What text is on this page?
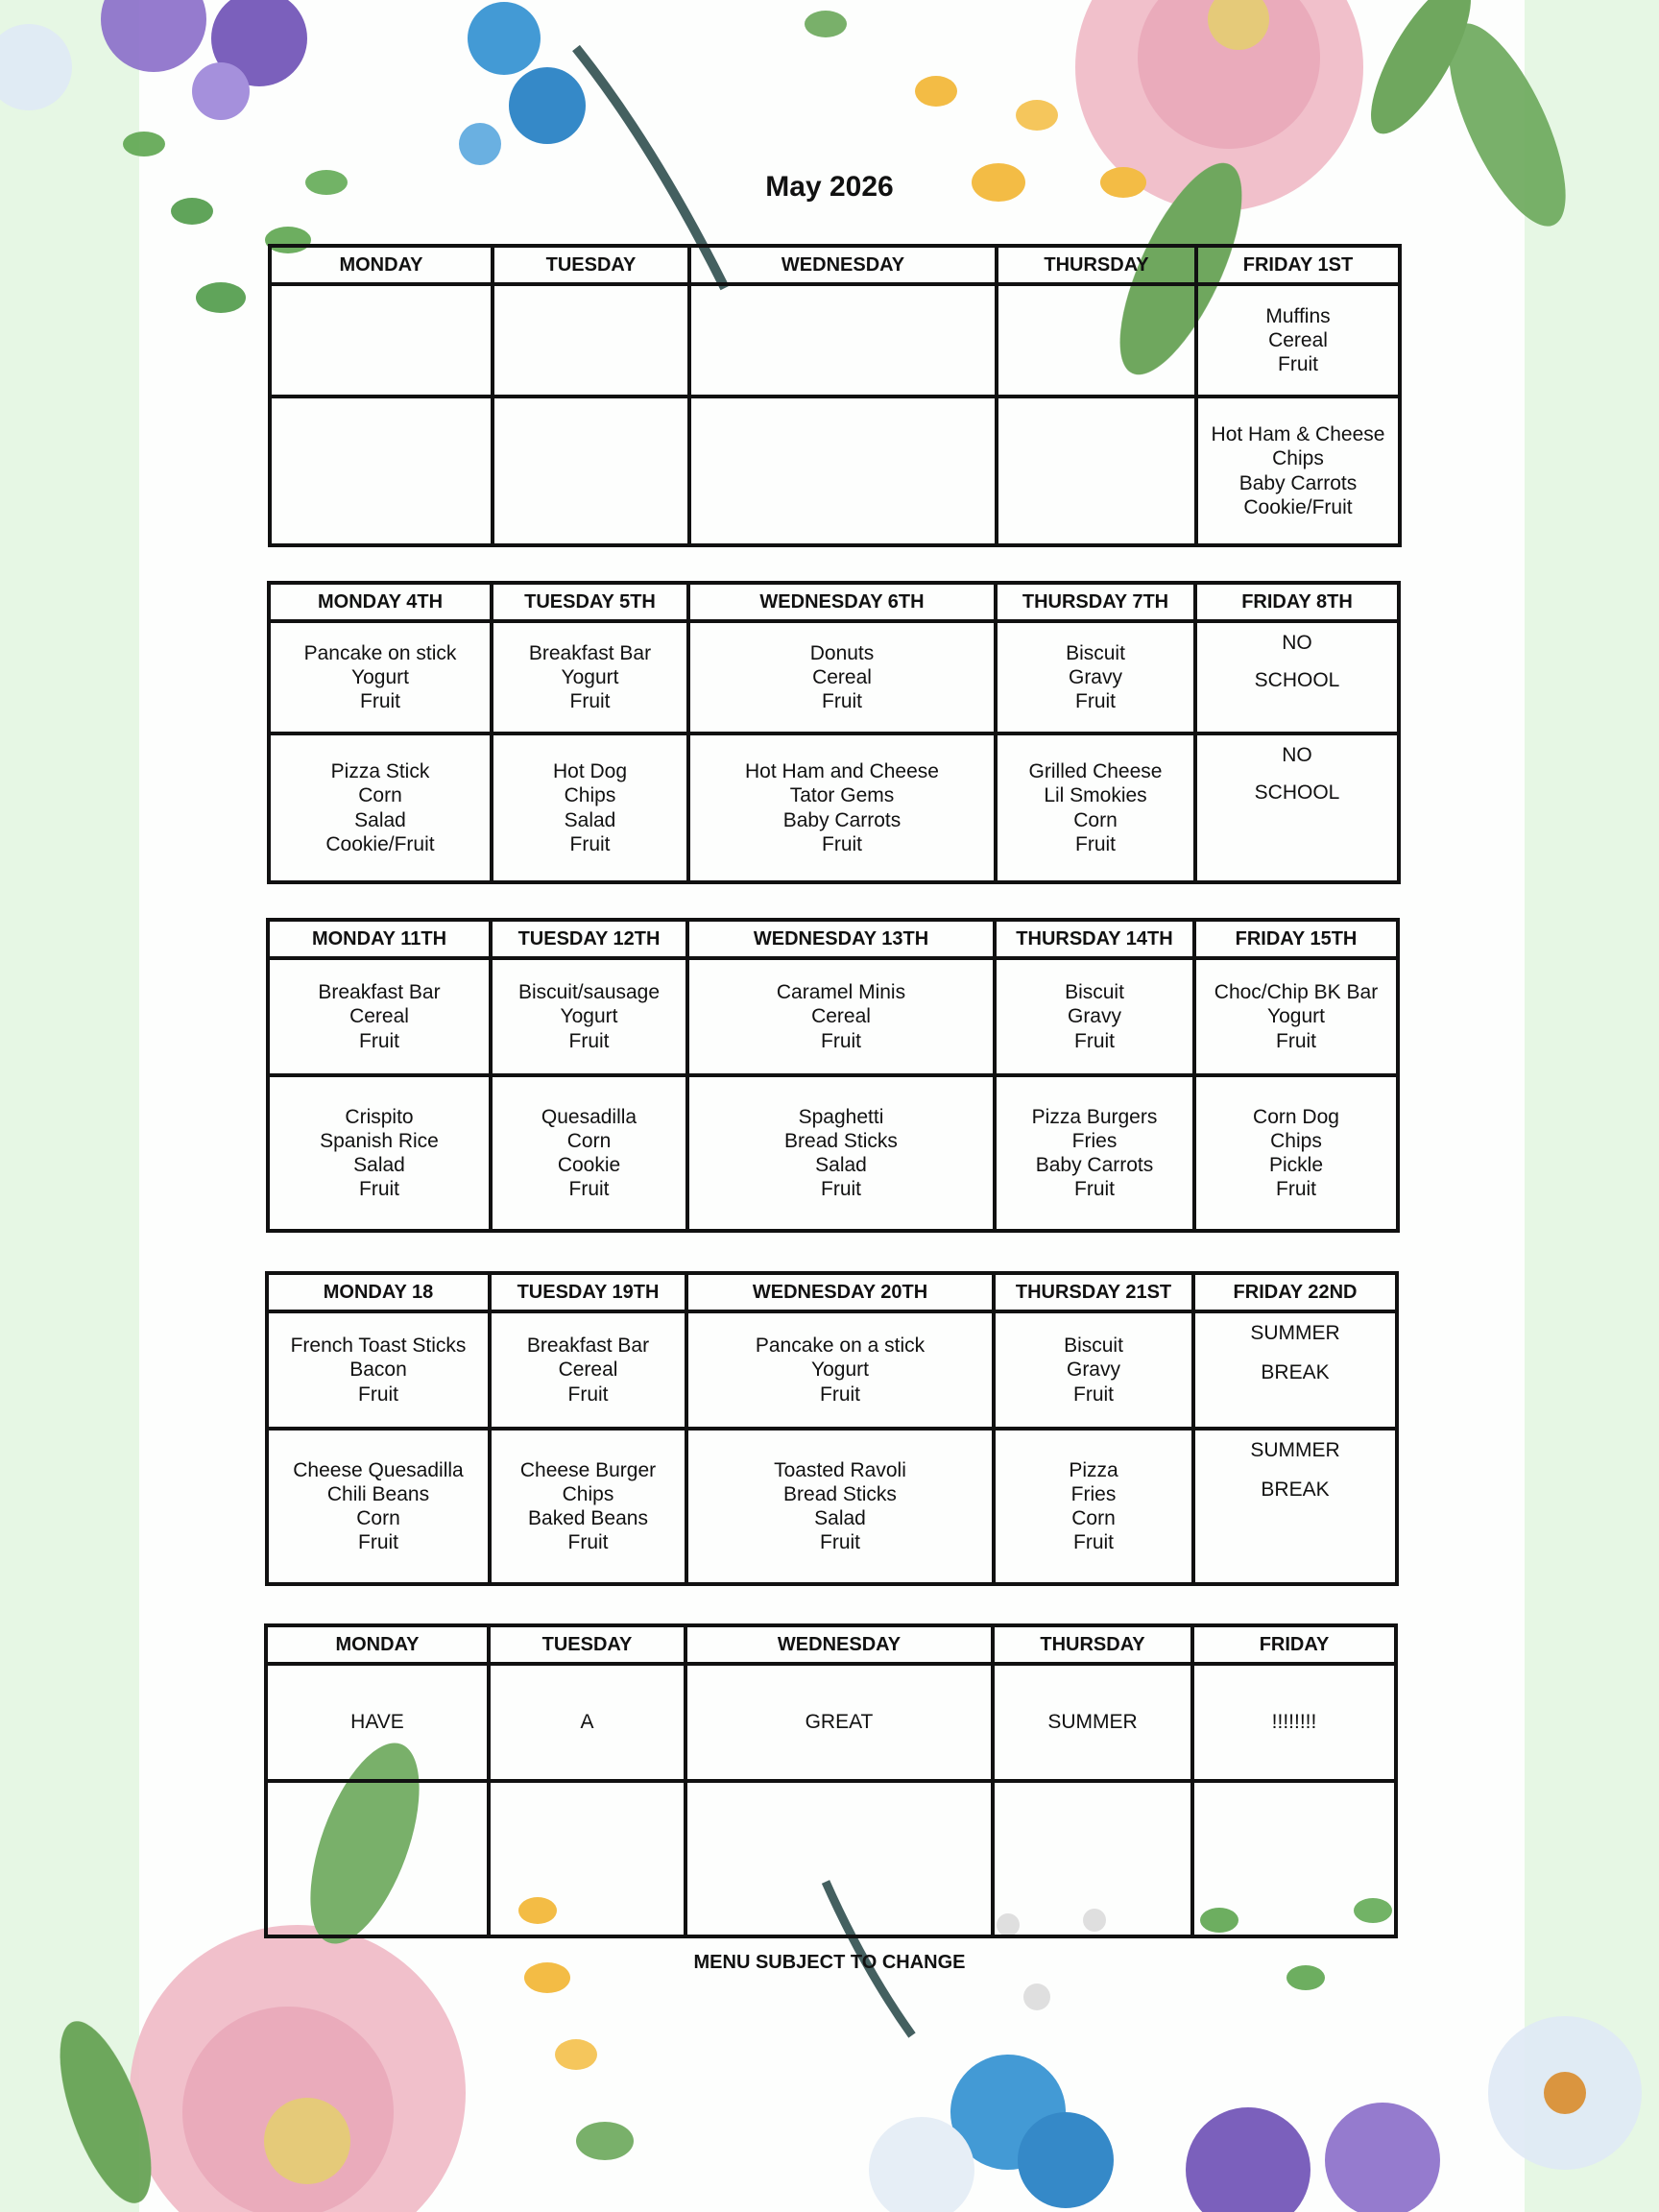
May 2026
MONDAY	TUESDAY	WEDNESDAY	THURSDAY	FRIDAY 1ST

				Muffins
Cereal
Fruit

				Hot Ham & Cheese
Chips
Baby Carrots
Cookie/Fruit
MONDAY 4TH	TUESDAY 5TH	WEDNESDAY 6TH	THURSDAY 7TH	FRIDAY 8TH

Pancake on stick
Yogurt
Fruit	Breakfast Bar
Yogurt
Fruit	Donuts
Cereal
Fruit	Biscuit
Gravy
Fruit	NO
SCHOOL

Pizza Stick
Corn
Salad
Cookie/Fruit	Hot Dog
Chips
Salad
Fruit	Hot Ham and Cheese
Tator Gems
Baby Carrots
Fruit	Grilled Cheese
Lil Smokies
Corn
Fruit	NO
SCHOOL
MONDAY 11TH	TUESDAY 12TH	WEDNESDAY 13TH	THURSDAY 14TH	FRIDAY 15TH

Breakfast Bar
Cereal
Fruit	Biscuit/sausage
Yogurt
Fruit	Caramel Minis
Cereal
Fruit	Biscuit
Gravy
Fruit	Choc/Chip BK Bar
Yogurt
Fruit

Crispito
Spanish Rice
Salad
Fruit	Quesadilla
Corn
Cookie
Fruit	Spaghetti
Bread Sticks
Salad
Fruit	Pizza Burgers
Fries
Baby Carrots
Fruit	Corn Dog
Chips
Pickle
Fruit
MONDAY 18	TUESDAY 19TH	WEDNESDAY 20TH	THURSDAY 21ST	FRIDAY 22ND

French Toast Sticks
Bacon
Fruit	Breakfast Bar
Cereal
Fruit	Pancake on a stick
Yogurt
Fruit	Biscuit
Gravy
Fruit	SUMMER
BREAK

Cheese Quesadilla
Chili Beans
Corn
Fruit	Cheese Burger
Chips
Baked Beans
Fruit	Toasted Ravoli
Bread Sticks
Salad
Fruit	Pizza
Fries
Corn
Fruit	SUMMER
BREAK
MONDAY	TUESDAY	WEDNESDAY	THURSDAY	FRIDAY
HAVE	A	GREAT	SUMMER	!!!!!!!!

MENU SUBJECT TO CHANGE
